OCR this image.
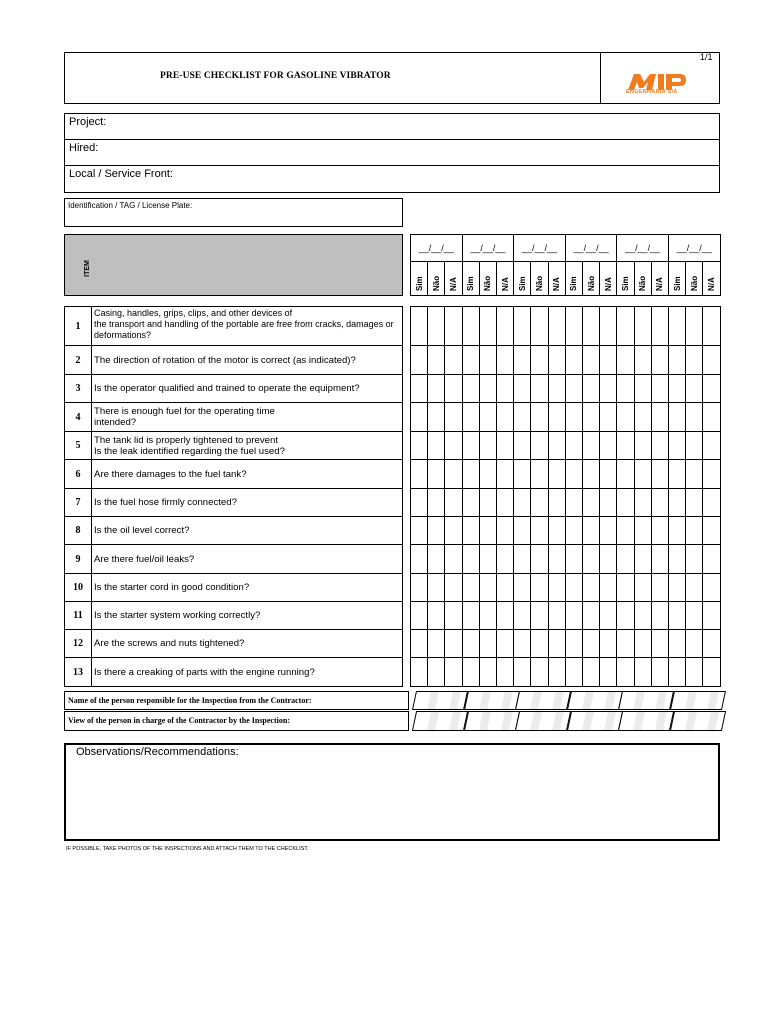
PRE-USE CHECKLIST FOR GASOLINE VIBRATOR
1/1
ENGENHARIA S/A
Project:
Hired:
Local / Service Front:
Identification / TAG / License Plate:
ITEM
__/__/__
Sim Não N/A
__/__/__
Sim Não N/A
__/__/__
Sim Não N/A
__/__/__
Sim Não N/A
__/__/__
Sim Não N/A
__/__/__
Sim Não N/A
1
Casing, handles, grips, clips, and other devices of
the transport and handling of the portable are free from cracks, damages or
deformations?
2	The direction of rotation of the motor is correct (as indicated)?
3	Is the operator qualified and trained to operate the equipment?
4
There is enough fuel for the operating time
intended?
5	The tank lid is properly tightened to prevent
Is the leak identified regarding the fuel used?
6	Are there damages to the fuel tank?
7	Is the fuel hose firmly connected?
8	Is the oil level correct?
9	Are there fuel/oil leaks?
10	Is the starter cord in good condition?
11	Is the starter system working correctly?
12	Are the screws and nuts tightened?
13	Is there a creaking of parts with the engine running?
Name of the person responsible for the Inspection from the Contractor:
View of the person in charge of the Contractor by the Inspection:
Observations/Recommendations:
IF POSSIBLE, TAKE PHOTOS OF THE INSPECTIONS AND ATTACH THEM TO THE CHECKLIST.
